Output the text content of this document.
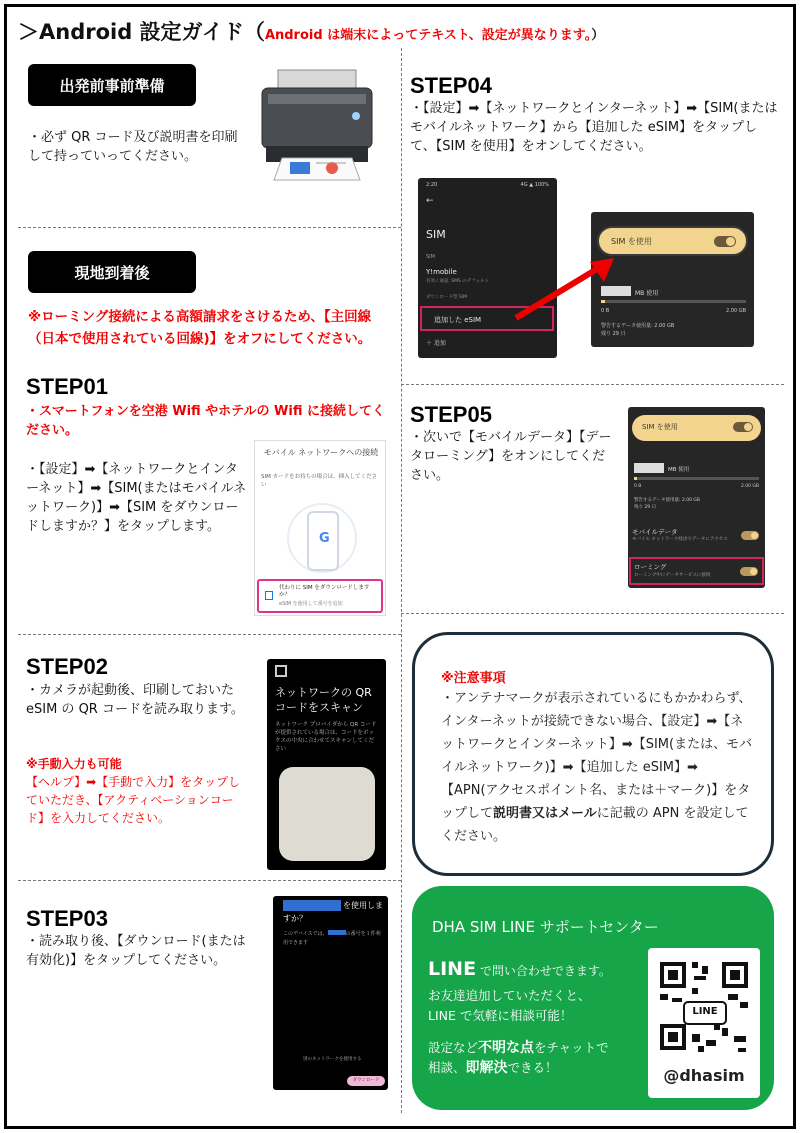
＞Android 設定ガイド（Android は端末によってテキスト、設定が異なります。）
出発前事前準備
・必ず QR コード及び説明書を印刷して持っていってください。
現地到着後
※ローミング接続による高額請求をさけるため、【主回線（日本で使用されている回線)】をオフにしてください。
STEP01
・スマートフォンを空港 Wifi やホテルの Wifi に接続してください。
・【設定】➡【ネットワークとインターネット】➡【SIM(またはモバイルネットワーク)】➡【SIM をダウンロードしますか？】をタップします。
モバイル ネットワークへの接続
SIM カードをお持ちの場合は、挿入してください
G
代わりに SIM をダウンロードしますか？
eSIM を使用して番号を追加
STEP02
・カメラが起動後、印刷しておいた eSIM の QR コードを読み取ります。
※手動入力も可能
【ヘルプ】➡【手動で入力】をタップしていただき、【アクティベーションコード】を入力してください。
ネットワークの QR コードをスキャン
ネットワーク プロバイダから QR コードが提供されている場合は、コードをボックスの中央に合わせてスキャンしてください
STEP03
・読み取り後、【ダウンロード(または有効化)】をタップしてください。
を使用しますか？
このデバイスでは、	の番号を１件利用できます
別のネットワークを使用する
ダウンロード
STEP04
・【設定】➡【ネットワークとインターネット】➡【SIM(またはモバイルネットワーク】から【追加した eSIM】をタップして、【SIM を使用】をオンしてください。
2:20	4G ▲ 100%
←
SIM
SIM
Y!mobile
有効 / 通話, SMS のデフォルト
ダウンロード型 SIM
追加した eSIM
＋ 追加
SIM を使用
MB 使用
0 B	2.00 GB
警告するデータ使用量: 2.00 GB
残り 29 日
STEP05
・次いで【モバイルデータ】【データローミング】をオンにしてください。
SIM を使用
MB 使用
0 B	2.00 GB
警告するデータ使用量: 2.00 GB
残り 29 日
モバイルデータ
モバイル ネットワーク経由でデータにアクセス
ローミング
ローミング中にデータサービスに接続
※注意事項
・アンテナマークが表示されているにもかかわらず、インターネットが接続できない場合、【設定】➡【ネットワークとインターネット】➡【SIM(または、モバイルネットワーク)】➡【追加した eSIM】➡【APN(アクセスポイント名、または＋マーク)】をタップして説明書又はメールに記載の APN を設定してください。
DHA SIM LINE サポートセンター
LINE で問い合わせできます。
お友達追加していただくと、
LINE で気軽に相談可能！
設定など不明な点をチャットで
相談、即解決できる！
LINE
@dhasim
